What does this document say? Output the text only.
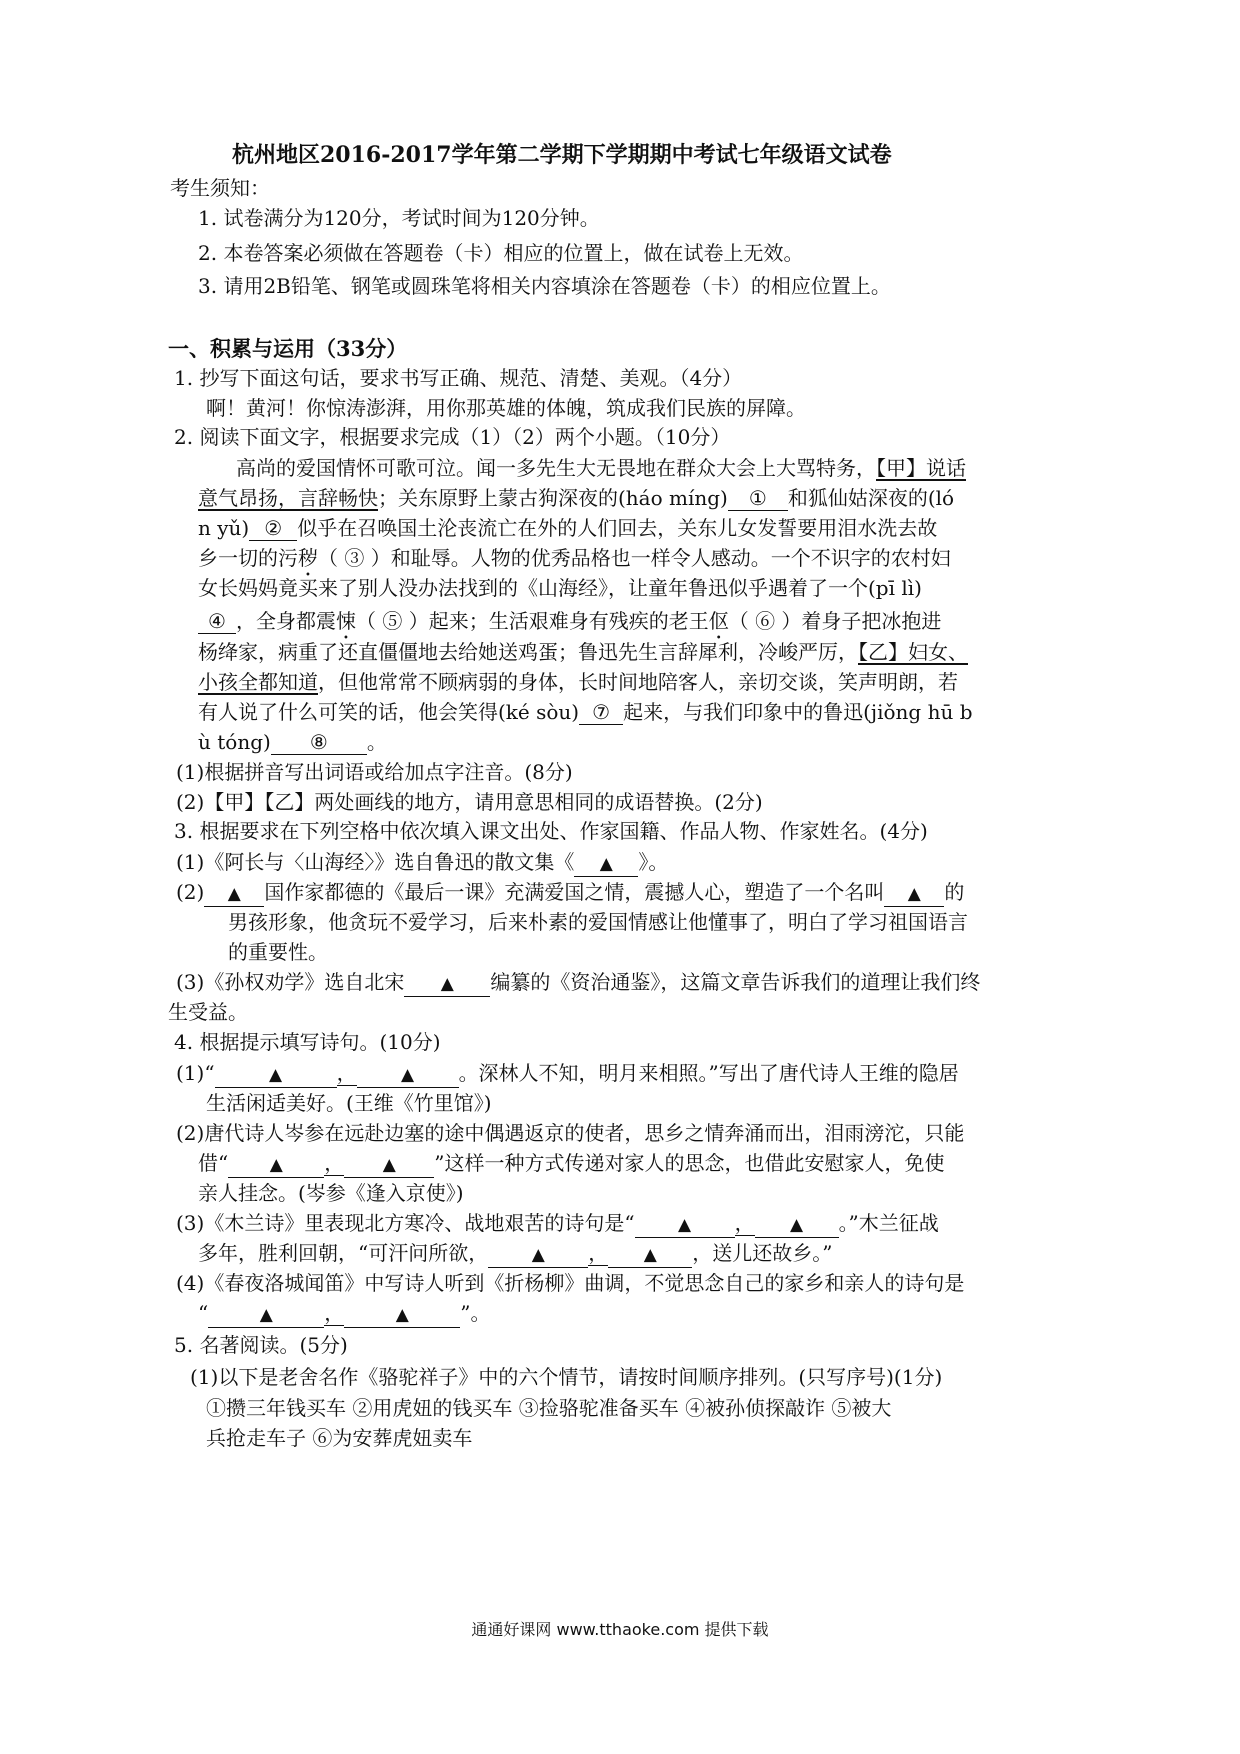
杭州地区2016-2017学年第二学期下学期期中考试七年级语文试卷
考生须知：
1. 试卷满分为120分，考试时间为120分钟。
2. 本卷答案必须做在答题卷（卡）相应的位置上，做在试卷上无效。
3. 请用2B铅笔、钢笔或圆珠笔将相关内容填涂在答题卷（卡）的相应位置上。
一、积累与运用（33分）
1. 抄写下面这句话，要求书写正确、规范、清楚、美观。（4分）
啊！黄河！你惊涛澎湃，用你那英雄的体魄，筑成我们民族的屏障。
2. 阅读下面文字，根据要求完成（1）（2）两个小题。（10分）
高尚的爱国情怀可歌可泣。闻一多先生大无畏地在群众大会上大骂特务，【甲】说话
意气昂扬，言辞畅快；关东原野上蒙古狗深夜的(háo míng) ① 和狐仙姑深夜的(ló
n yǔ) ② 似乎在召唤国土沦丧流亡在外的人们回去，关东儿女发誓要用泪水洗去故
乡一切的污秽（ ③ ）和耻辱。人物的优秀品格也一样令人感动。一个不识字的农村妇
女长妈妈竟买来了别人没办法找到的《山海经》，让童年鲁迅似乎遇着了一个(pī lì)
④ ，全身都震悚（ ⑤ ）起来；生活艰难身有残疾的老王伛（ ⑥ ）着身子把冰抱进
杨绛家，病重了还直僵僵地去给她送鸡蛋；鲁迅先生言辞犀利，冷峻严厉，【乙】妇女、
小孩全都知道，但他常常不顾病弱的身体，长时间地陪客人，亲切交谈，笑声明朗，若
有人说了什么可笑的话，他会笑得(ké sòu) ⑦ 起来，与我们印象中的鲁迅(jiǒng hū b
ù tóng) ⑧ 。
(1)根据拼音写出词语或给加点字注音。(8分)
(2)【甲】【乙】两处画线的地方，请用意思相同的成语替换。(2分)
3. 根据要求在下列空格中依次填入课文出处、作家国籍、作品人物、作家姓名。(4分)
(1)《阿长与〈山海经〉》选自鲁迅的散文集《 ▲ 》。
(2) ▲ 国作家都德的《最后一课》充满爱国之情，震撼人心，塑造了一个名叫 ▲ 的
男孩形象，他贪玩不爱学习，后来朴素的爱国情感让他懂事了，明白了学习祖国语言
的重要性。
(3)《孙权劝学》选自北宋 ▲ 编纂的《资治通鉴》，这篇文章告诉我们的道理让我们终
生受益。
4. 根据提示填写诗句。(10分)
(1)“	▲	，	▲ 。深林人不知，明月来相照。”写出了唐代诗人王维的隐居
生活闲适美好。(王维《竹里馆》)
(2)唐代诗人岑参在远赴边塞的途中偶遇返京的使者，思乡之情奔涌而出，泪雨滂沱，只能
借“ ▲ ， ▲ ”这样一种方式传递对家人的思念，也借此安慰家人，免使
亲人挂念。(岑参《逢入京使》)
(3)《木兰诗》里表现北方寒冷、战地艰苦的诗句是“	▲ ， ▲ 。”木兰征战
多年，胜利回朝，“可汗问所欲，	▲ ， ▲ ，送儿还故乡。”
(4)《春夜洛城闻笛》中写诗人听到《折杨柳》曲调，不觉思念自己的家乡和亲人的诗句是
“	▲	，	▲	”。
5. 名著阅读。(5分)
(1)以下是老舍名作《骆驼祥子》中的六个情节，请按时间顺序排列。(只写序号)(1分)
①攒三年钱买车 ②用虎妞的钱买车 ③捡骆驼准备买车 ④被孙侦探敲诈 ⑤被大
兵抢走车子 ⑥为安葬虎妞卖车
通通好课网 www.tthaoke.com 提供下载
